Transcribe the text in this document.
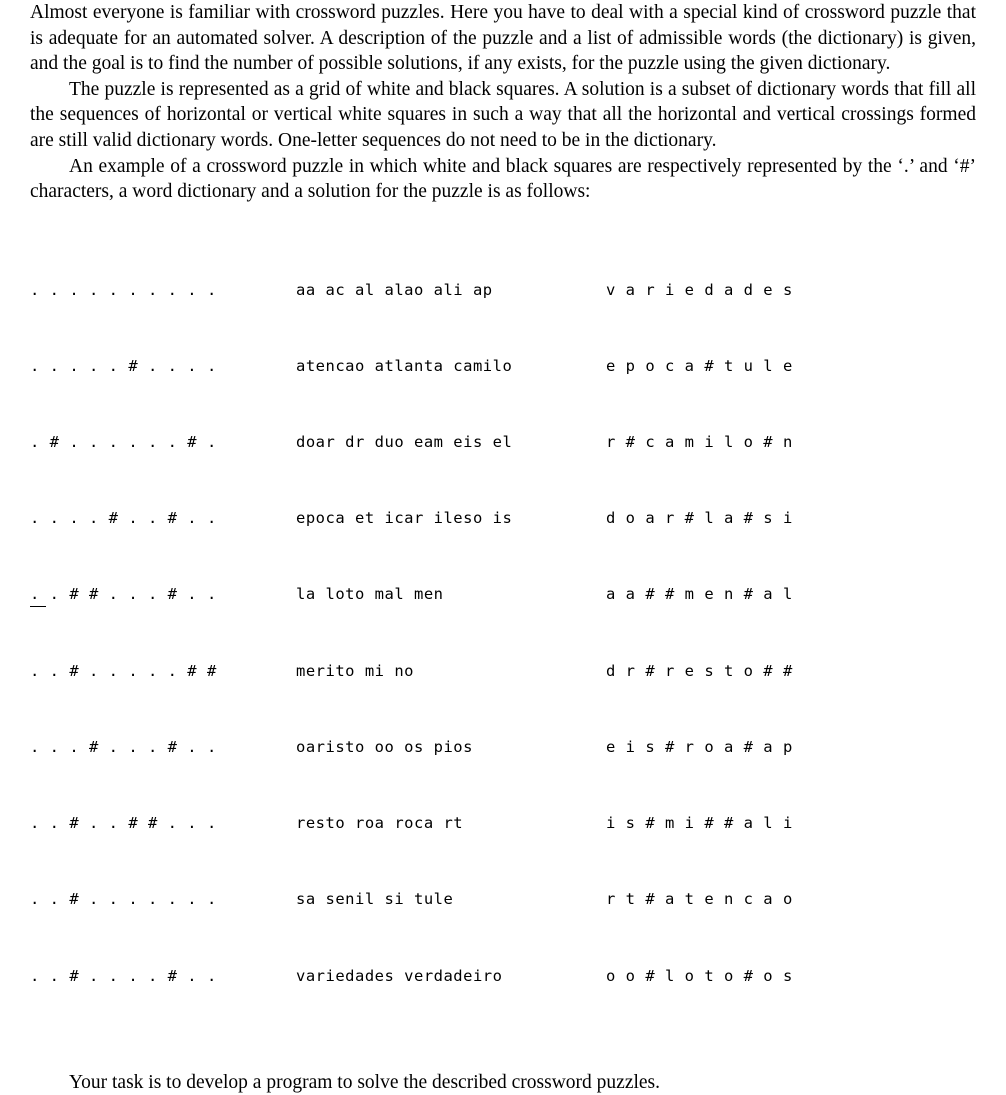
Almost everyone is familiar with crossword puzzles. Here you have to deal with a special kind of crossword puzzle that is adequate for an automated solver. A description of the puzzle and a list of admissible words (the dictionary) is given, and the goal is to find the number of possible solutions, if any exists, for the puzzle using the given dictionary.

The puzzle is represented as a grid of white and black squares. A solution is a subset of dictionary words that fill all the sequences of horizontal or vertical white squares in such a way that all the horizontal and vertical crossings formed are still valid dictionary words. One-letter sequences do not need to be in the dictionary.

An example of a crossword puzzle in which white and black squares are respectively represented by the ‘.’ and ‘#’ characters, a word dictionary and a solution for the puzzle is as follows:

. . . . . . . . . .

. . . . . # . . . .

. # . . . . . . # .

. . . . # . . # . .

. . # # . . . # . .

. . # . . . . . # #

. . . # . . . # . .

. . # . . # # . . .

. . # . . . . . . .

. . # . . . . # . .

aa ac al alao ali ap

atencao atlanta camilo

doar dr duo eam eis el

epoca et icar ileso is

la loto mal men

merito mi no

oaristo oo os pios

resto roa roca rt

sa senil si tule

variedades verdadeiro

v a r i e d a d e s

e p o c a # t u l e

r # c a m i l o # n

d o a r # l a # s i

a a # # m e n # a l

d r # r e s t o # #

e i s # r o a # a p

i s # m i # # a l i

r t # a t e n c a o

o o # l o t o # o s

Your task is to develop a program to solve the described crossword puzzles.
